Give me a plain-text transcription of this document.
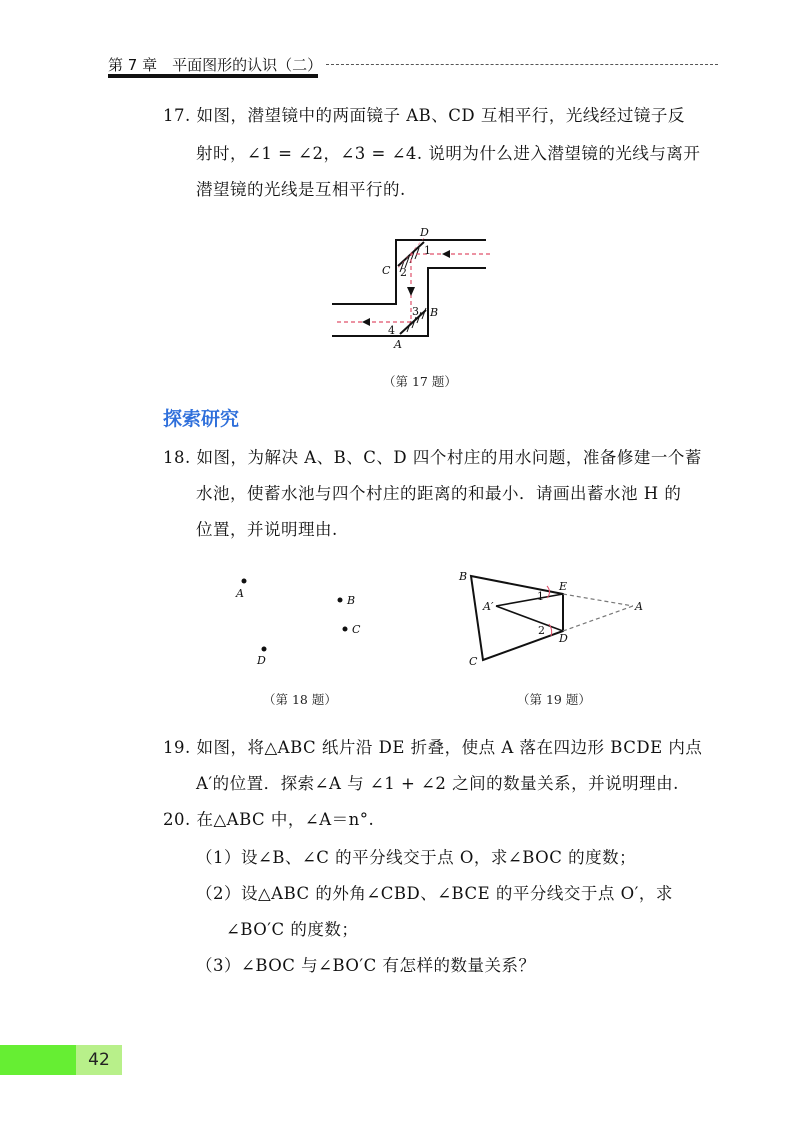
第 7 章　平面图形的认识（二）
17. 如图，潜望镜中的两面镜子 AB、CD 互相平行，光线经过镜子反
射时，∠1 = ∠2，∠3 = ∠4. 说明为什么进入潜望镜的光线与离开
潜望镜的光线是互相平行的.
D
C
B
A
1
2
3
4
（第 17 题）
探索研究
18. 如图，为解决 A、B、C、D 四个村庄的用水问题，准备修建一个蓄
水池，使蓄水池与四个村庄的距离的和最小．请画出蓄水池 H 的
位置，并说明理由.
A
B
C
D
（第 18 题）
B
E
A′	A
D
C
1
2
（第 19 题）
19. 如图，将△ABC 纸片沿 DE 折叠，使点 A 落在四边形 BCDE 内点
A′的位置．探索∠A 与 ∠1 + ∠2 之间的数量关系，并说明理由.
20. 在△ABC 中，∠A＝n°.
（1）设∠B、∠C 的平分线交于点 O，求∠BOC 的度数；
（2）设△ABC 的外角∠CBD、∠BCE 的平分线交于点 O′，求
∠BO′C 的度数；
（3）∠BOC 与∠BO′C 有怎样的数量关系？
42
